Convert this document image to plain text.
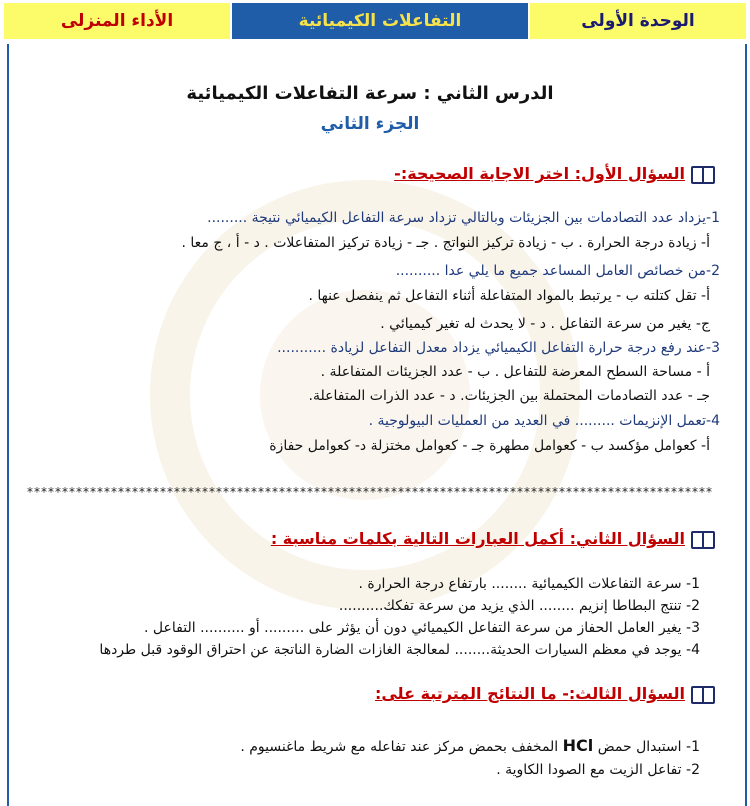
الأداء المنزلى	التفاعلات الكيميائية	الوحدة الأولى
الدرس الثاني : سرعة التفاعلات الكيميائية
الجزء الثاني
السؤال الأول: اختر الاجابة الصحيحة:-
1-يزداد عدد التصادمات بين الجزيئات وبالتالي تزداد سرعة التفاعل الكيميائي نتيجة .........
أ- زيادة درجة الحرارة . ب - زيادة تركيز النواتج . جـ - زيادة تركيز المتفاعلات . د - أ ، ج معا .
2-من خصائص العامل المساعد جميع ما يلي عدا ..........
أ- تقل كتلته ب - يرتبط بالمواد المتفاعلة أثناء التفاعل ثم ينفصل عنها .
ج- يغير من سرعة التفاعل . د - لا يحدث له تغير كيميائي .
3-عند رفع درجة حرارة التفاعل الكيميائي يزداد معدل التفاعل لزيادة ...........
أ - مساحة السطح المعرضة للتفاعل . ب - عدد الجزيئات المتفاعلة .
جـ - عدد التصادمات المحتملة بين الجزيئات. د - عدد الذرات المتفاعلة.
4-تعمل الإنزيمات ......... في العديد من العمليات البيولوجية .
أ- كعوامل مؤكسد ب - كعوامل مطهرة جـ - كعوامل مختزلة د- كعوامل حفازة
**************************************************************************************************
السؤال الثاني: أكمل العبارات التالية بكلمات مناسبة :
1- سرعة التفاعلات الكيميائية ........ بارتفاع درجة الحرارة .
2- تنتج البطاطا إنزيم ........ الذي يزيد من سرعة تفكك..........
3- يغير العامل الحفاز من سرعة التفاعل الكيميائي دون أن يؤثر على ......... أو .......... التفاعل .
4- يوجد في معظم السيارات الحديثة........ لمعالجة الغازات الضارة الناتجة عن احتراق الوقود قبل طردها
السؤال الثالث:- ما النتائج المترتبة على:
1- استبدال حمض HCl المخفف بحمض مركز عند تفاعله مع شريط ماغنسيوم .
2- تفاعل الزيت مع الصودا الكاوية .
